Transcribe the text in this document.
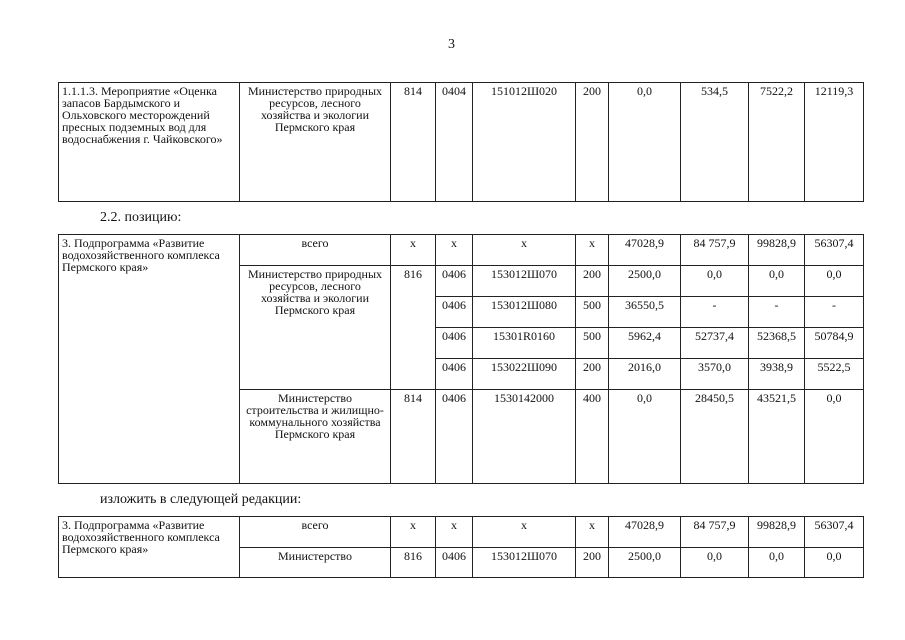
3
1.1.1.3. Мероприятие «Оценка запасов Бардымского и Ольховского месторождений пресных подземных вод для водоснабжения г. Чайковского»	Министерство природных ресурсов, лесного хозяйства и экологии Пермского края	814	0404	151012Ш020	200	0,0	534,5	7522,2	12119,3
2.2. позицию:
3. Подпрограмма «Развитие водохозяйственного комплекса Пермского края»	всего	x	x	x	x	47028,9	84 757,9	99828,9	56307,4
	Министерство природных ресурсов, лесного хозяйства и экологии Пермского края	816	0406	153012Ш070	200	2500,0	0,0	0,0	0,0
			0406	153012Ш080	500	36550,5	-	-	-
			0406	15301R0160	500	5962,4	52737,4	52368,5	50784,9
			0406	153022Ш090	200	2016,0	3570,0	3938,9	5522,5
	Министерство строительства и жилищно-коммунального хозяйства Пермского края	814	0406	1530142000	400	0,0	28450,5	43521,5	0,0
изложить в следующей редакции:
3. Подпрограмма «Развитие водохозяйственного комплекса Пермского края»	всего	x	x	x	x	47028,9	84 757,9	99828,9	56307,4
	Министерство	816	0406	153012Ш070	200	2500,0	0,0	0,0	0,0
